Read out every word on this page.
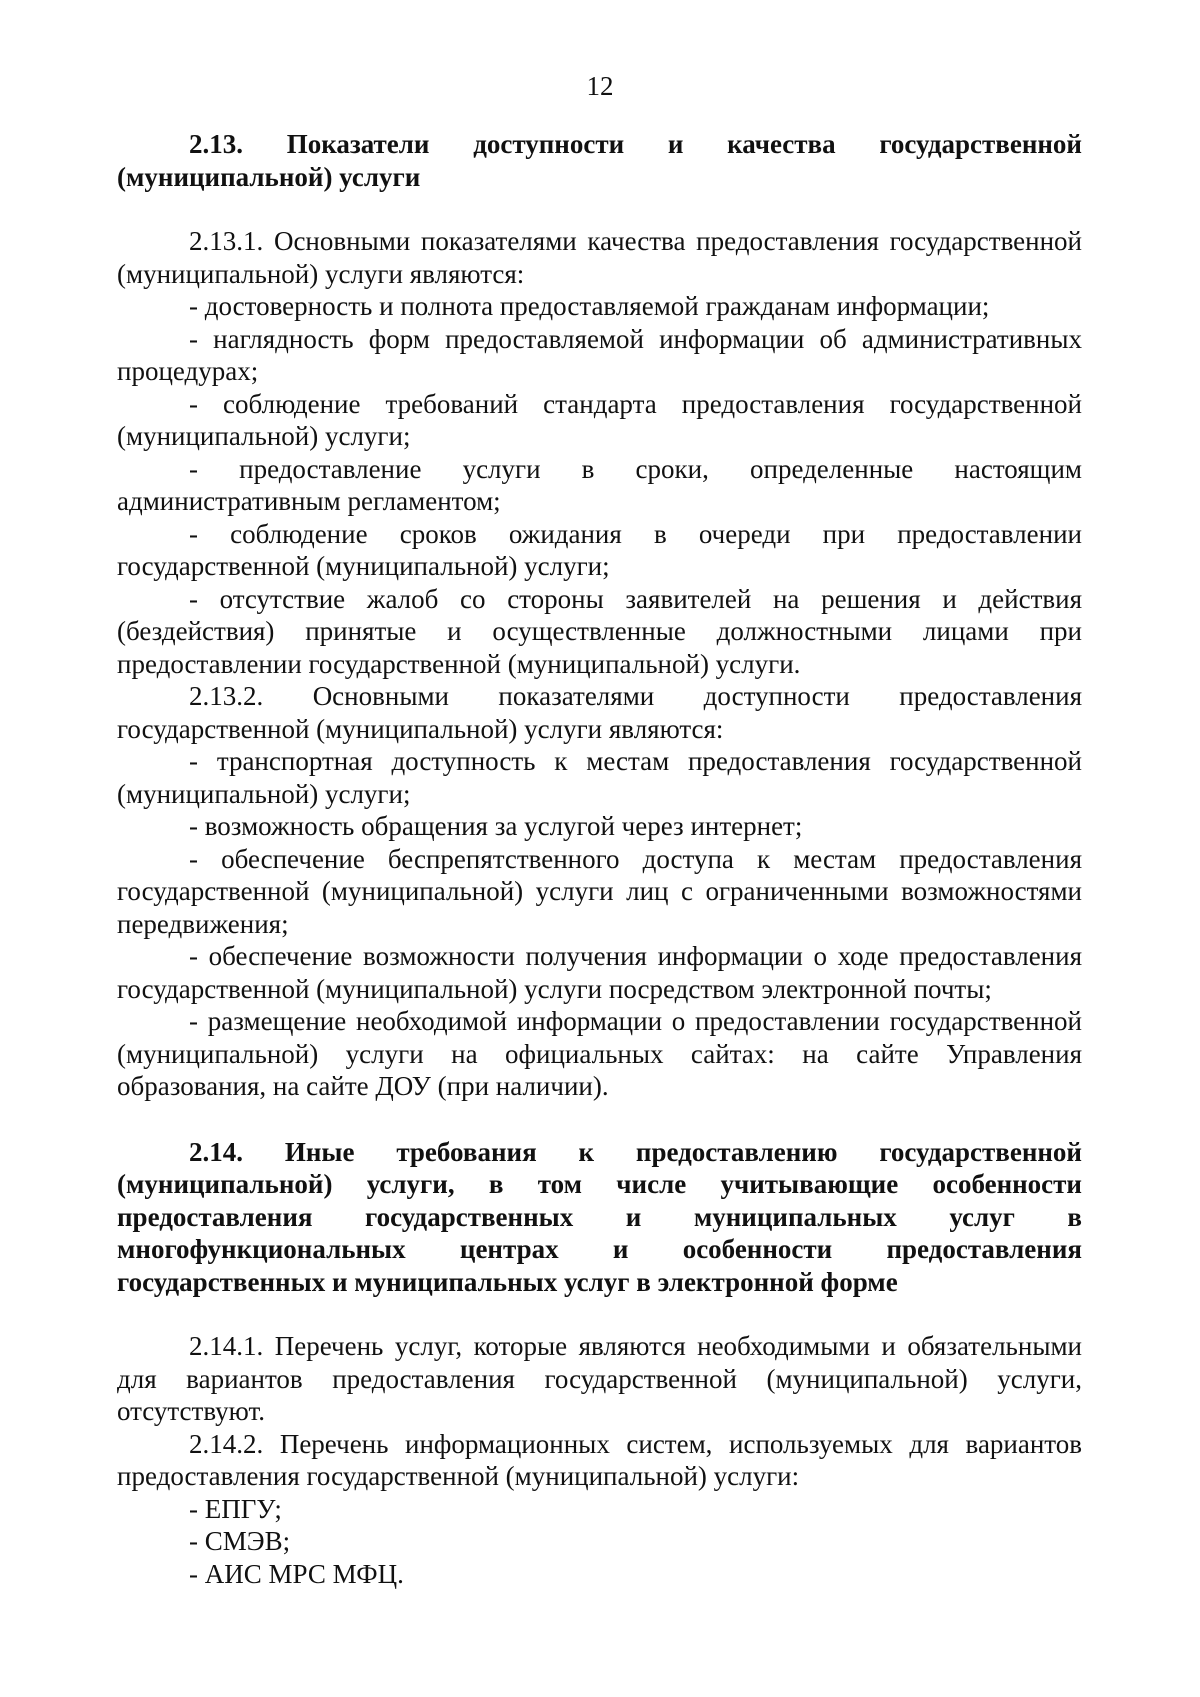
12

2.13. Показатели доступности и качества государственной (муниципальной) услуги

2.13.1. Основными показателями качества предоставления государственной (муниципальной) услуги являются:

- достоверность и полнота предоставляемой гражданам информации;

- наглядность форм предоставляемой информации об административных процедурах;

- соблюдение требований стандарта предоставления государственной (муниципальной) услуги;

- предоставление услуги в сроки, определенные настоящим административным регламентом;

- соблюдение сроков ожидания в очереди при предоставлении государственной (муниципальной) услуги;

- отсутствие жалоб со стороны заявителей на решения и действия (бездействия) принятые и осуществленные должностными лицами при предоставлении государственной (муниципальной) услуги.

2.13.2. Основными показателями доступности предоставления государственной (муниципальной) услуги являются:

- транспортная доступность к местам предоставления государственной (муниципальной) услуги;

- возможность обращения за услугой через интернет;

- обеспечение беспрепятственного доступа к местам предоставления государственной (муниципальной) услуги лиц с ограниченными возможностями передвижения;

- обеспечение возможности получения информации о ходе предоставления государственной (муниципальной) услуги посредством электронной почты;

- размещение необходимой информации о предоставлении государственной (муниципальной) услуги на официальных сайтах: на сайте Управления образования, на сайте ДОУ (при наличии).

2.14. Иные требования к предоставлению государственной (муниципальной) услуги, в том числе учитывающие особенности предоставления государственных и муниципальных услуг в многофункциональных центрах и особенности предоставления государственных и муниципальных услуг в электронной форме

2.14.1. Перечень услуг, которые являются необходимыми и обязательными для вариантов предоставления государственной (муниципальной) услуги, отсутствуют.

2.14.2. Перечень информационных систем, используемых для вариантов предоставления государственной (муниципальной) услуги:

- ЕПГУ;

- СМЭВ;

- АИС МРС МФЦ.
